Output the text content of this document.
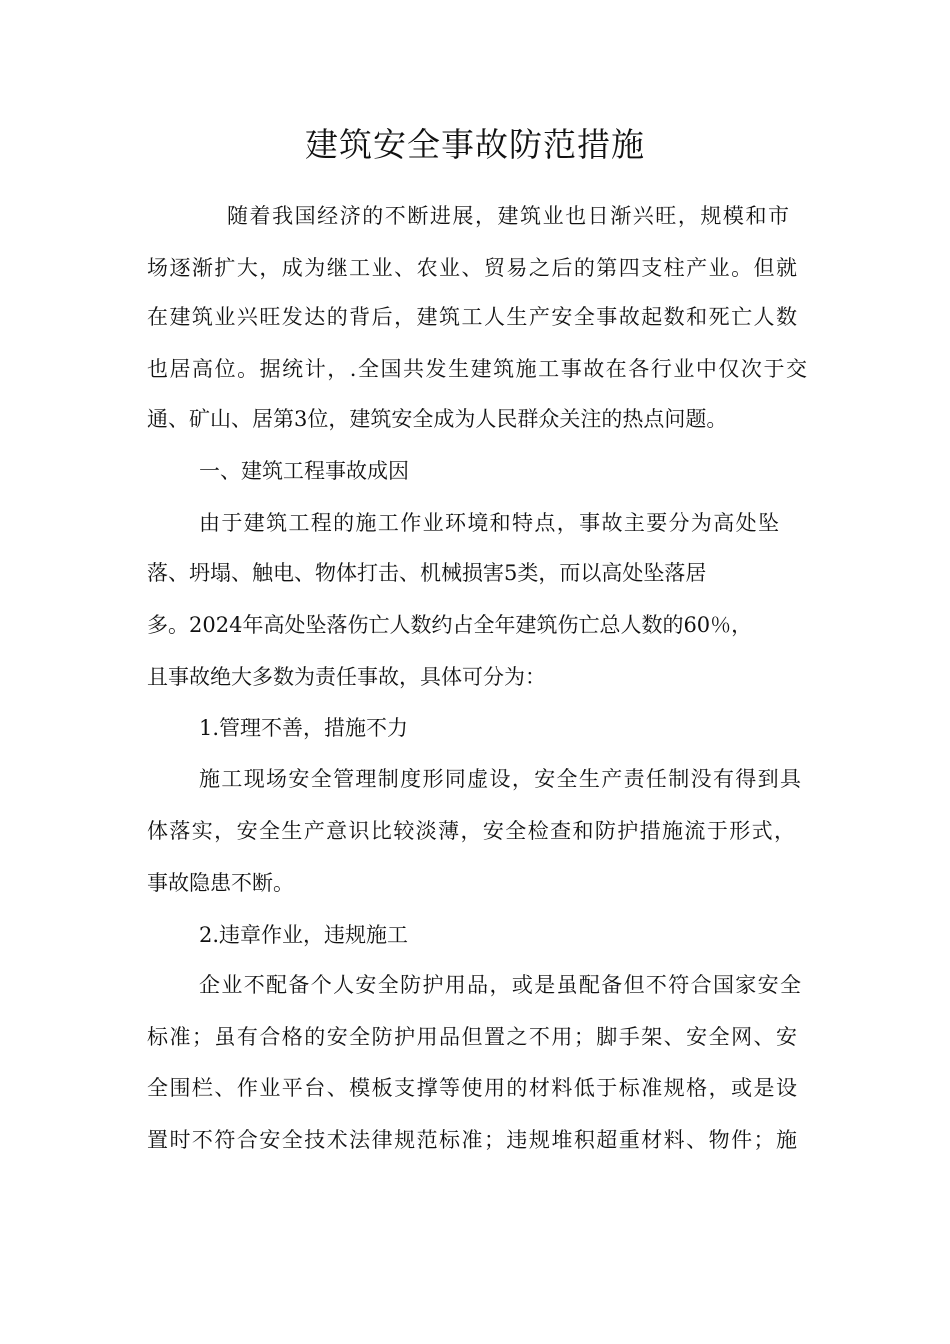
建筑安全事故防范措施

随着我国经济的不断进展，建筑业也日渐兴旺，规模和市

场逐渐扩大，成为继工业、农业、贸易之后的第四支柱产业。但就

在建筑业兴旺发达的背后，建筑工人生产安全事故起数和死亡人数

也居高位。据统计，.全国共发生建筑施工事故在各行业中仅次于交

通、矿山、居第3位，建筑安全成为人民群众关注的热点问题。

一、建筑工程事故成因

由于建筑工程的施工作业环境和特点，事故主要分为高处坠

落、坍塌、触电、物体打击、机械损害5类，而以高处坠落居

多。2024年高处坠落伤亡人数约占全年建筑伤亡总人数的60％，

且事故绝大多数为责任事故，具体可分为：

1.管理不善，措施不力

施工现场安全管理制度形同虚设，安全生产责任制没有得到具

体落实，安全生产意识比较淡薄，安全检查和防护措施流于形式，

事故隐患不断。

2.违章作业，违规施工

企业不配备个人安全防护用品，或是虽配备但不符合国家安全

标准；虽有合格的安全防护用品但置之不用；脚手架、安全网、安

全围栏、作业平台、模板支撑等使用的材料低于标准规格，或是设

置时不符合安全技术法律规范标准；违规堆积超重材料、物件；施
